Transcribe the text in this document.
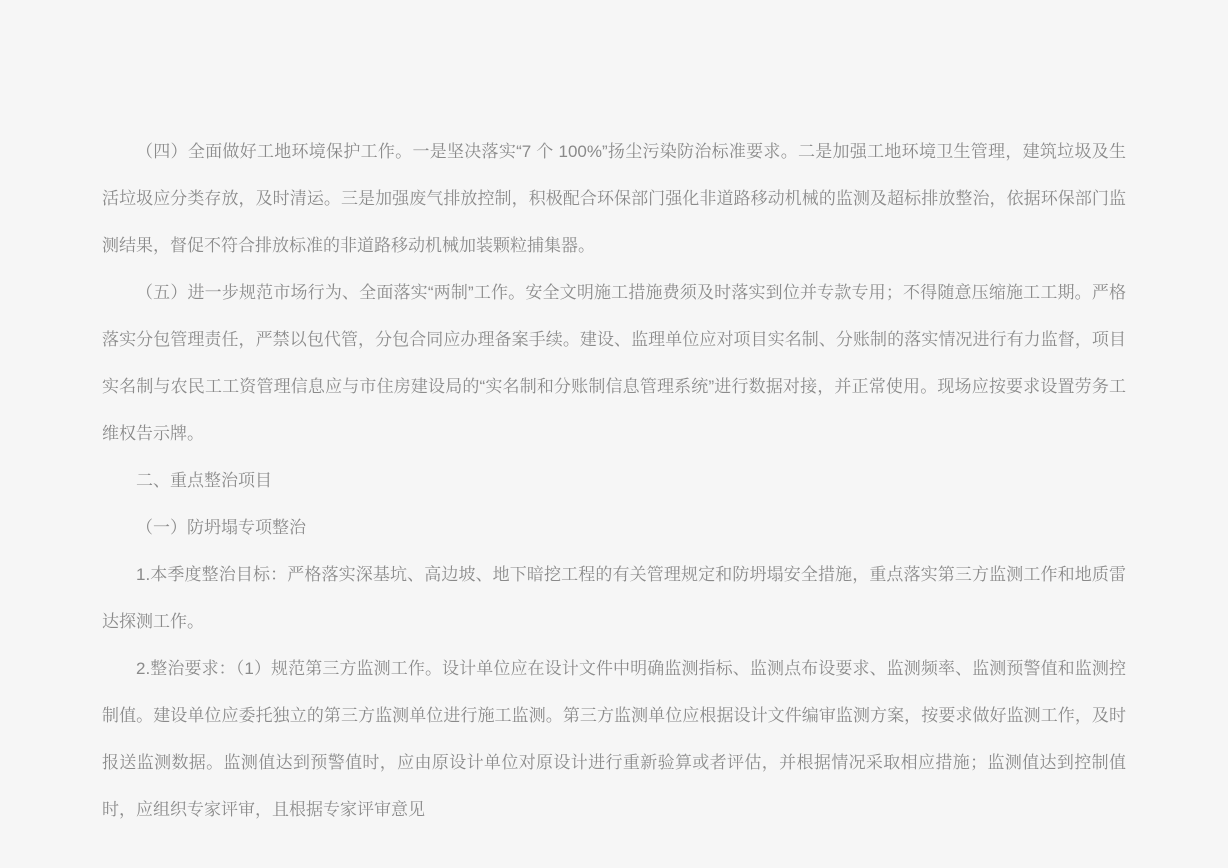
（四）全面做好工地环境保护工作。一是坚决落实“7 个 100%”扬尘污染防治标准要求。二是加强工地环境卫生管理，建筑垃圾及生活垃圾应分类存放，及时清运。三是加强废气排放控制，积极配合环保部门强化非道路移动机械的监测及超标排放整治，依据环保部门监测结果，督促不符合排放标准的非道路移动机械加装颗粒捕集器。

（五）进一步规范市场行为、全面落实“两制”工作。安全文明施工措施费须及时落实到位并专款专用；不得随意压缩施工工期。严格落实分包管理责任，严禁以包代管，分包合同应办理备案手续。建设、监理单位应对项目实名制、分账制的落实情况进行有力监督，项目实名制与农民工工资管理信息应与市住房建设局的“实名制和分账制信息管理系统”进行数据对接，并正常使用。现场应按要求设置劳务工维权告示牌。

二、重点整治项目

（一）防坍塌专项整治

1.本季度整治目标：严格落实深基坑、高边坡、地下暗挖工程的有关管理规定和防坍塌安全措施，重点落实第三方监测工作和地质雷达探测工作。

2.整治要求：（1）规范第三方监测工作。设计单位应在设计文件中明确监测指标、监测点布设要求、监测频率、监测预警值和监测控制值。建设单位应委托独立的第三方监测单位进行施工监测。第三方监测单位应根据设计文件编审监测方案，按要求做好监测工作，及时报送监测数据。监测值达到预警值时，应由原设计单位对原设计进行重新验算或者评估，并根据情况采取相应措施；监测值达到控制值时，应组织专家评审，且根据专家评审意见
